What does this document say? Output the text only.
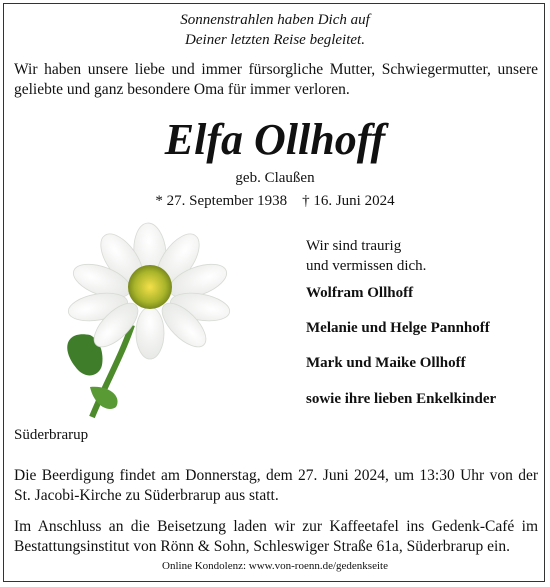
Sonnenstrahlen haben Dich auf
Deiner letzten Reise begleitet.
Wir haben unsere liebe und immer fürsorgliche Mutter, Schwiegermutter, unsere geliebte und ganz besondere Oma für immer verloren.
Elfa Ollhoff
geb. Claußen
* 27. September 1938    † 16. Juni 2024
Wir sind traurig
und vermissen dich.
Wolfram Ollhoff
Melanie und Helge Pannhoff
Mark und Maike Ollhoff
sowie ihre lieben Enkelkinder
Süderbrarup
Die Beerdigung findet am Donnerstag, dem 27. Juni 2024, um 13:30 Uhr von der St. Jacobi-Kirche zu Süderbrarup aus statt.
Im Anschluss an die Beisetzung laden wir zur Kaffeetafel ins Gedenk-Café im Bestattungsinstitut von Rönn & Sohn, Schleswiger Straße 61a, Süderbrarup ein.
Online Kondolenz: www.von-roenn.de/gedenkseite
